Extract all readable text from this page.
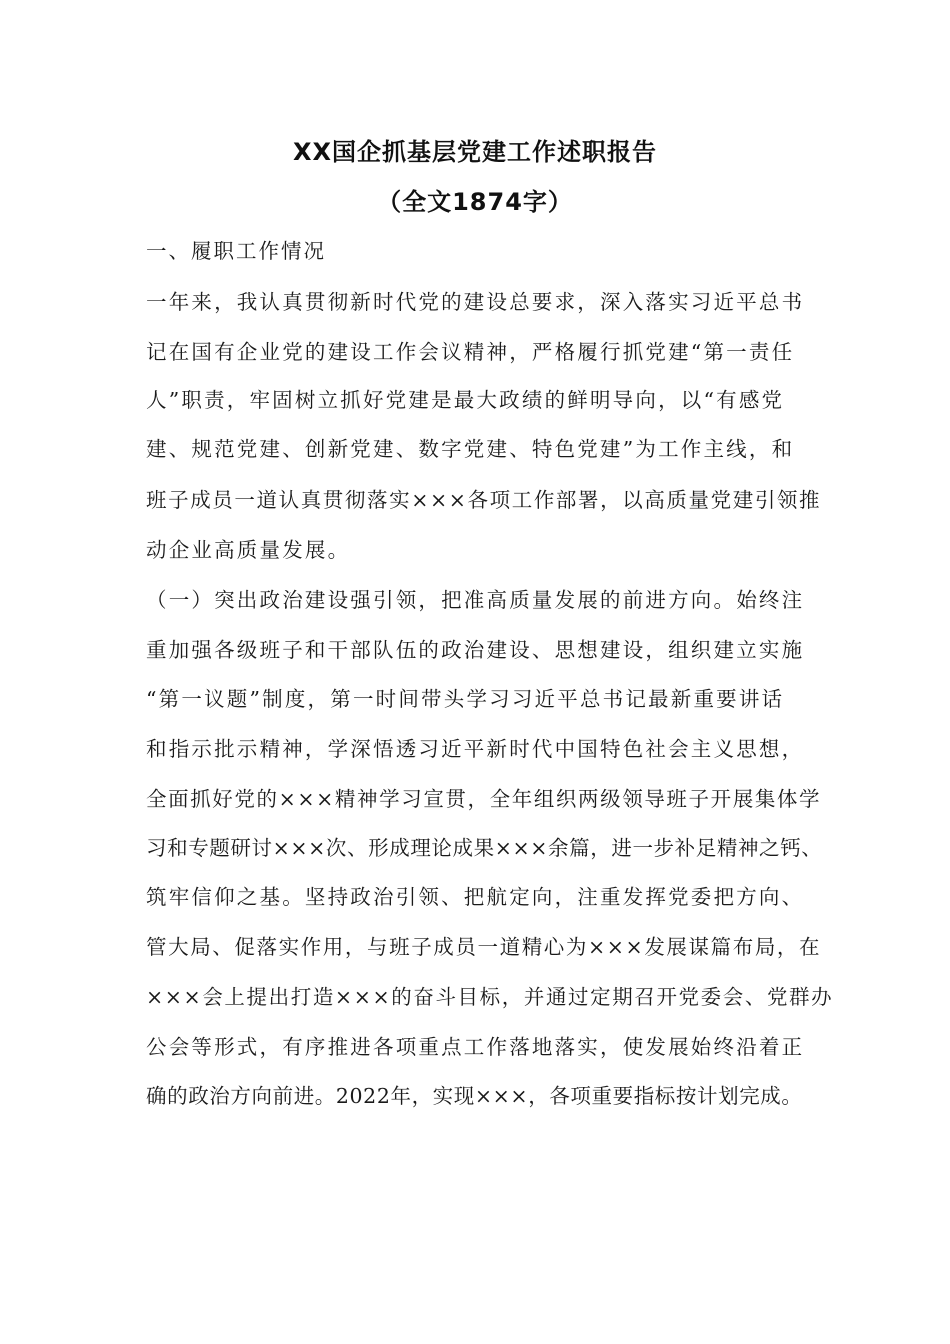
XX国企抓基层党建工作述职报告
（全文1874字）
一、履职工作情况
一年来，我认真贯彻新时代党的建设总要求，深入落实习近平总书
记在国有企业党的建设工作会议精神，严格履行抓党建“第一责任
人”职责，牢固树立抓好党建是最大政绩的鲜明导向，以“有感党
建、规范党建、创新党建、数字党建、特色党建”为工作主线，和
班子成员一道认真贯彻落实×××各项工作部署，以高质量党建引领推
动企业高质量发展。
（一）突出政治建设强引领，把准高质量发展的前进方向。始终注
重加强各级班子和干部队伍的政治建设、思想建设，组织建立实施
“第一议题”制度，第一时间带头学习习近平总书记最新重要讲话
和指示批示精神，学深悟透习近平新时代中国特色社会主义思想，
全面抓好党的×××精神学习宣贯，全年组织两级领导班子开展集体学
习和专题研讨×××次、形成理论成果×××余篇，进一步补足精神之钙、
筑牢信仰之基。坚持政治引领、把航定向，注重发挥党委把方向、
管大局、促落实作用，与班子成员一道精心为×××发展谋篇布局，在
×××会上提出打造×××的奋斗目标，并通过定期召开党委会、党群办
公会等形式，有序推进各项重点工作落地落实，使发展始终沿着正
确的政治方向前进。2022年，实现×××，各项重要指标按计划完成。
